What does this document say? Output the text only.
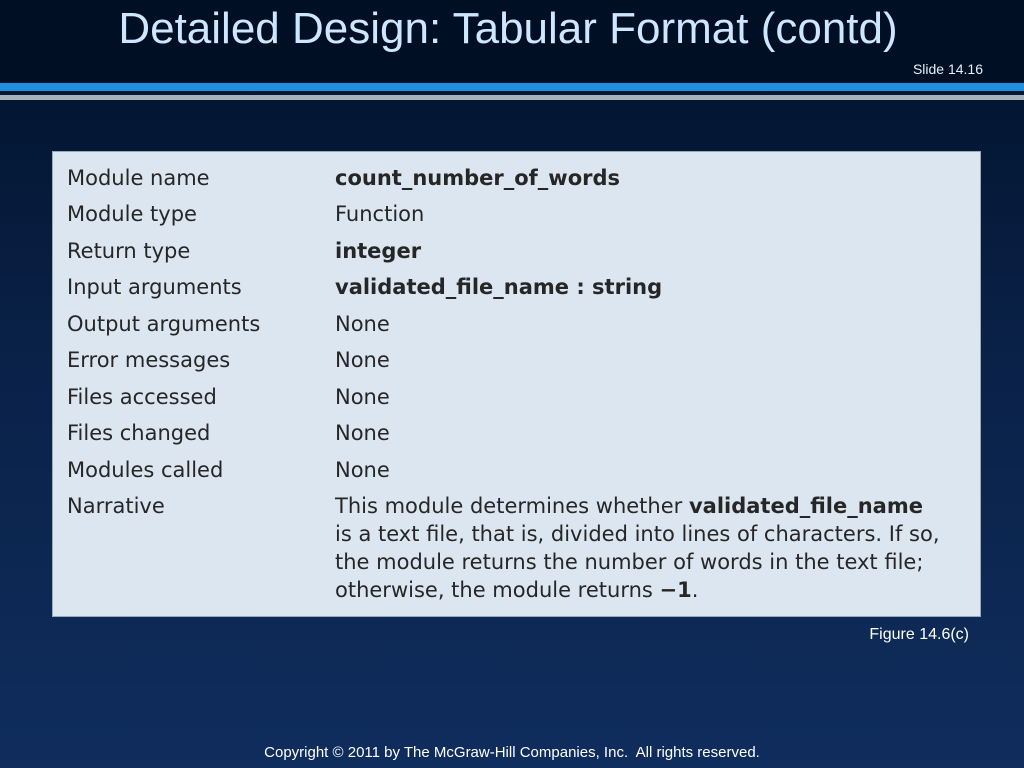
Detailed Design: Tabular Format (contd)
Slide 14.16
Module name	count_number_of_words
Module type	Function
Return type	integer
Input arguments	validated_file_name : string
Output arguments	None
Error messages	None
Files accessed	None
Files changed	None
Modules called	None
Narrative	This module determines whether validated_file_name
is a text file, that is, divided into lines of characters. If so,
the module returns the number of words in the text file;
otherwise, the module returns −1.
Figure 14.6(c)
Copyright © 2011 by The McGraw-Hill Companies, Inc.  All rights reserved.
